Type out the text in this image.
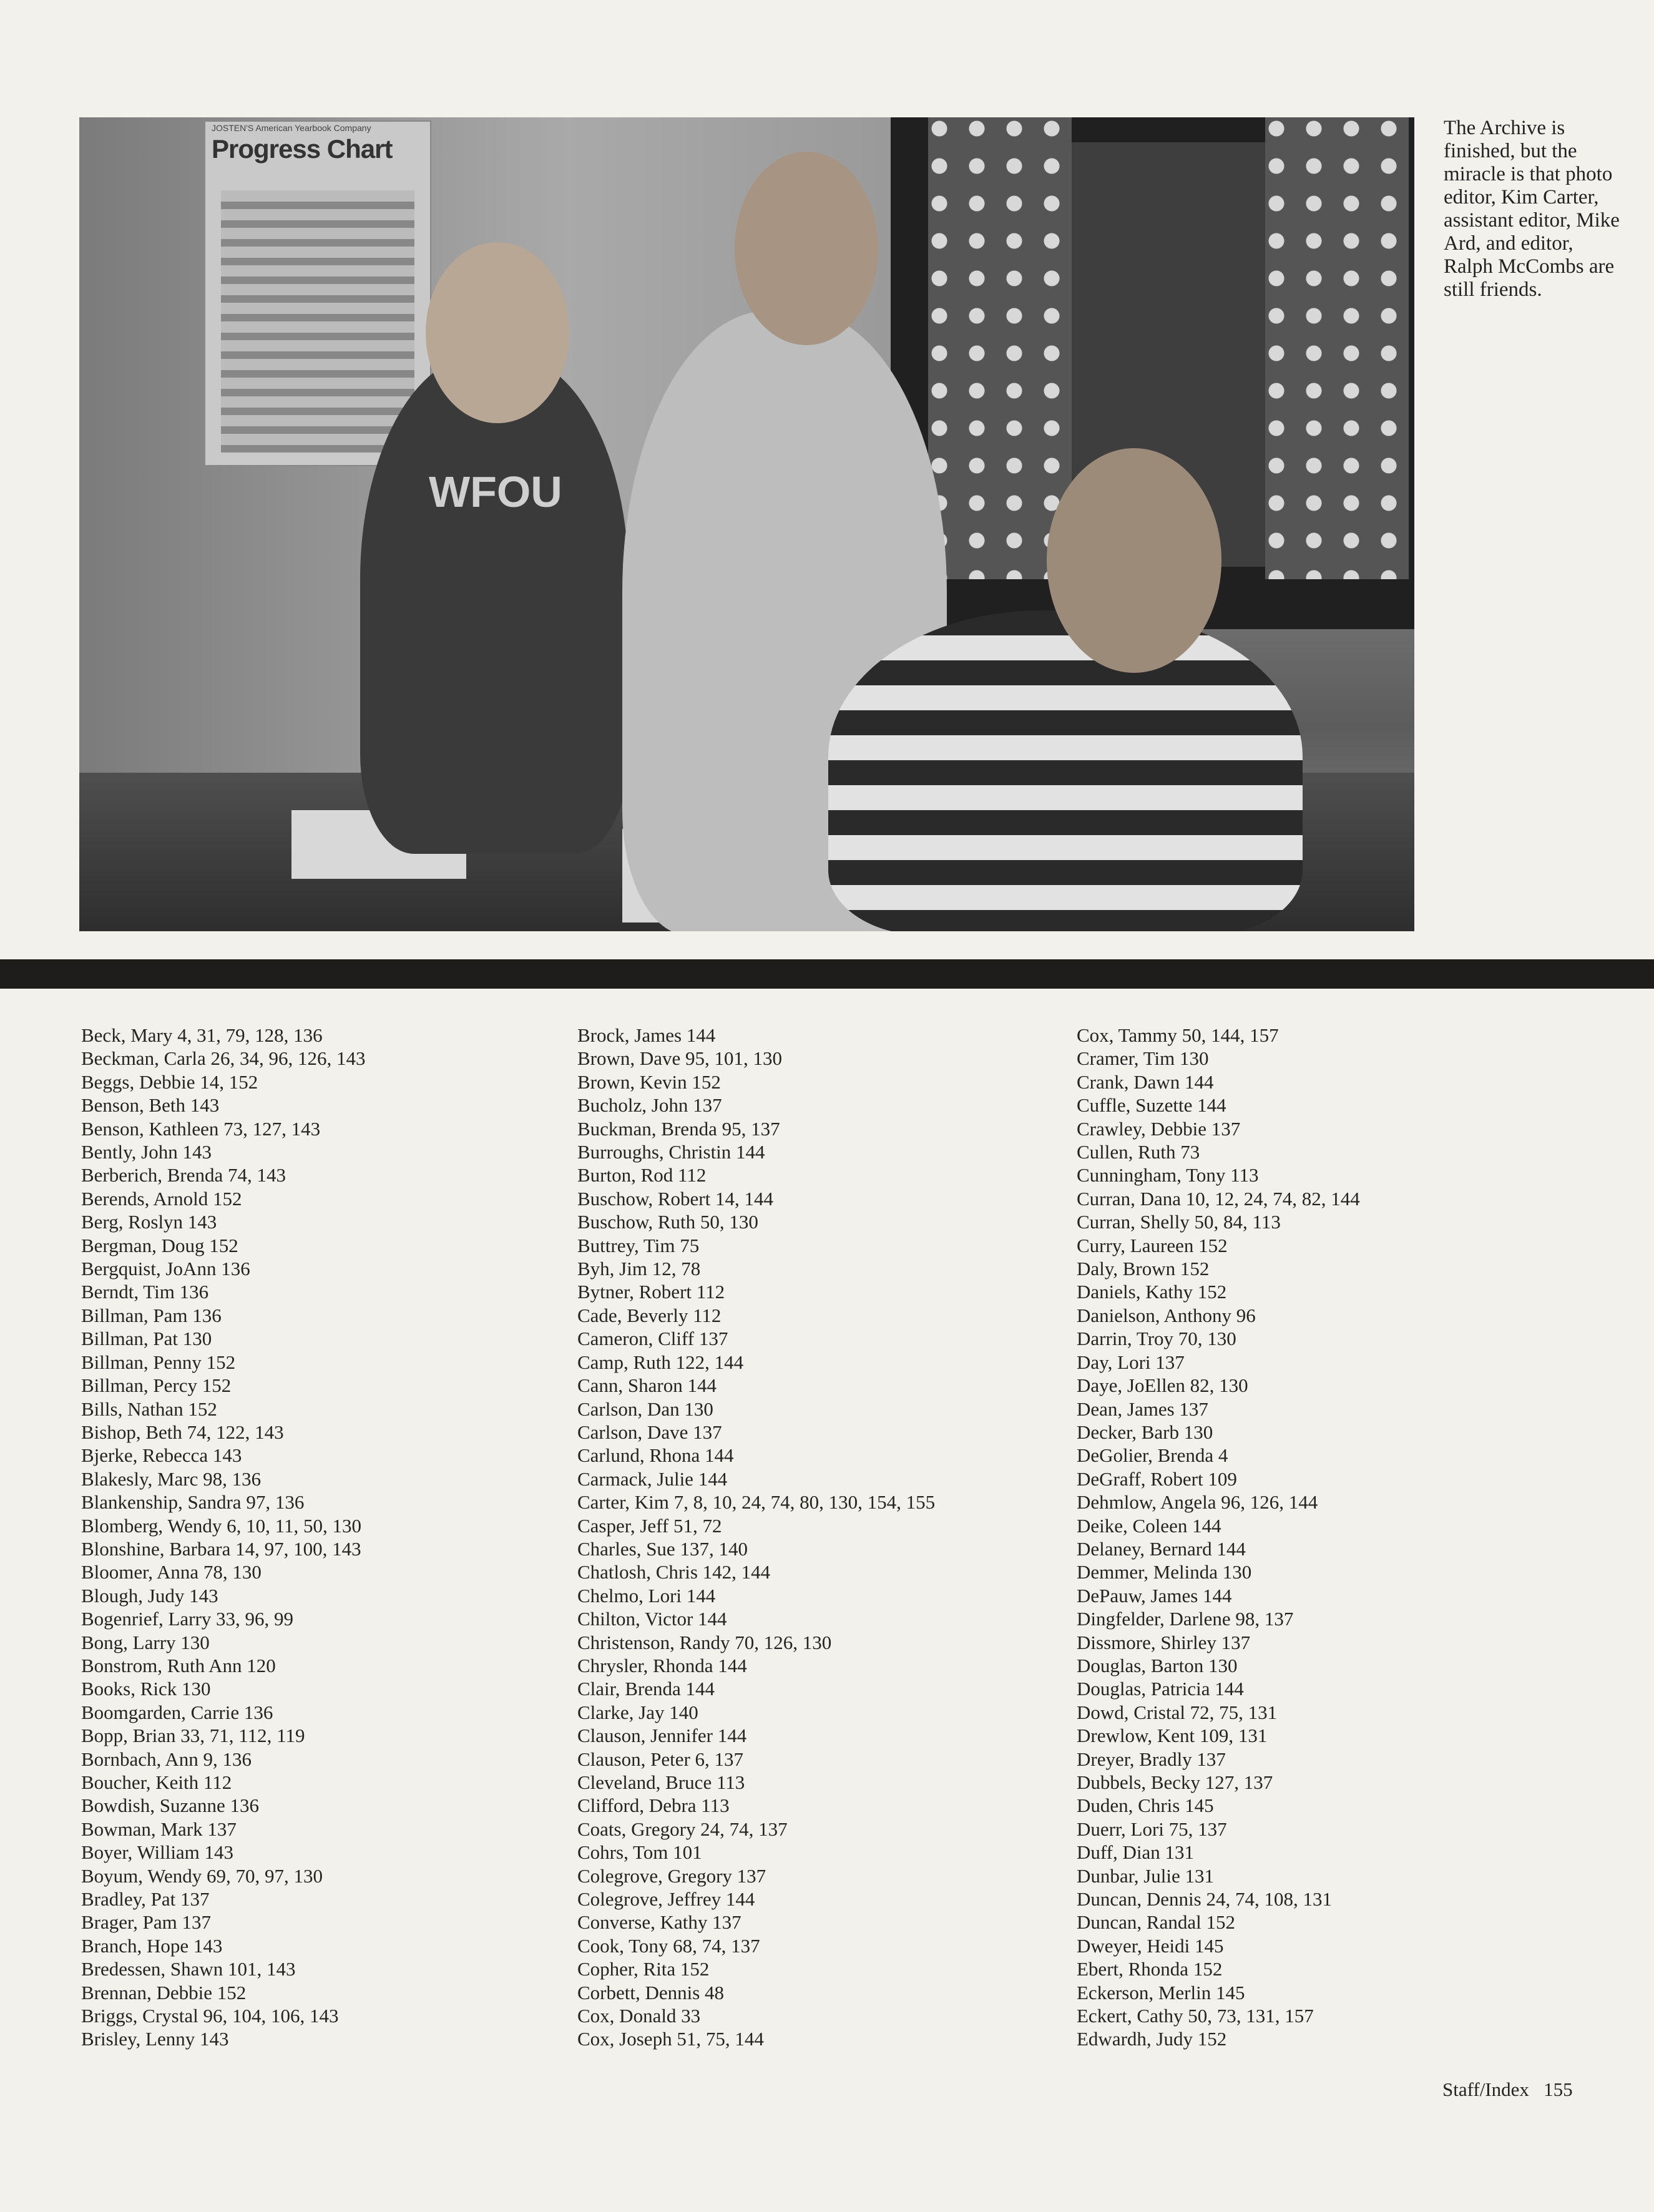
JOSTEN'S American Yearbook Company
Progress Chart
WFOU
The Archive is finished, but the miracle is that photo editor, Kim Carter, assistant editor, Mike Ard, and editor, Ralph McCombs are still friends.
Beck, Mary 4, 31, 79, 128, 136
Beckman, Carla 26, 34, 96, 126, 143
Beggs, Debbie 14, 152
Benson, Beth 143
Benson, Kathleen 73, 127, 143
Bently, John 143
Berberich, Brenda 74, 143
Berends, Arnold 152
Berg, Roslyn 143
Bergman, Doug 152
Bergquist, JoAnn 136
Berndt, Tim 136
Billman, Pam 136
Billman, Pat 130
Billman, Penny 152
Billman, Percy 152
Bills, Nathan 152
Bishop, Beth 74, 122, 143
Bjerke, Rebecca 143
Blakesly, Marc 98, 136
Blankenship, Sandra 97, 136
Blomberg, Wendy 6, 10, 11, 50, 130
Blonshine, Barbara 14, 97, 100, 143
Bloomer, Anna 78, 130
Blough, Judy 143
Bogenrief, Larry 33, 96, 99
Bong, Larry 130
Bonstrom, Ruth Ann 120
Books, Rick 130
Boomgarden, Carrie 136
Bopp, Brian 33, 71, 112, 119
Bornbach, Ann 9, 136
Boucher, Keith 112
Bowdish, Suzanne 136
Bowman, Mark 137
Boyer, William 143
Boyum, Wendy 69, 70, 97, 130
Bradley, Pat 137
Brager, Pam 137
Branch, Hope 143
Bredessen, Shawn 101, 143
Brennan, Debbie 152
Briggs, Crystal 96, 104, 106, 143
Brisley, Lenny 143
Brock, James 144
Brown, Dave 95, 101, 130
Brown, Kevin 152
Bucholz, John 137
Buckman, Brenda 95, 137
Burroughs, Christin 144
Burton, Rod 112
Buschow, Robert 14, 144
Buschow, Ruth 50, 130
Buttrey, Tim 75
Byh, Jim 12, 78
Bytner, Robert 112
Cade, Beverly 112
Cameron, Cliff 137
Camp, Ruth 122, 144
Cann, Sharon 144
Carlson, Dan 130
Carlson, Dave 137
Carlund, Rhona 144
Carmack, Julie 144
Carter, Kim 7, 8, 10, 24, 74, 80, 130, 154, 155
Casper, Jeff 51, 72
Charles, Sue 137, 140
Chatlosh, Chris 142, 144
Chelmo, Lori 144
Chilton, Victor 144
Christenson, Randy 70, 126, 130
Chrysler, Rhonda 144
Clair, Brenda 144
Clarke, Jay 140
Clauson, Jennifer 144
Clauson, Peter 6, 137
Cleveland, Bruce 113
Clifford, Debra 113
Coats, Gregory 24, 74, 137
Cohrs, Tom 101
Colegrove, Gregory 137
Colegrove, Jeffrey 144
Converse, Kathy 137
Cook, Tony 68, 74, 137
Copher, Rita 152
Corbett, Dennis 48
Cox, Donald 33
Cox, Joseph 51, 75, 144
Cox, Tammy 50, 144, 157
Cramer, Tim 130
Crank, Dawn 144
Cuffle, Suzette 144
Crawley, Debbie 137
Cullen, Ruth 73
Cunningham, Tony 113
Curran, Dana 10, 12, 24, 74, 82, 144
Curran, Shelly 50, 84, 113
Curry, Laureen 152
Daly, Brown 152
Daniels, Kathy 152
Danielson, Anthony 96
Darrin, Troy 70, 130
Day, Lori 137
Daye, JoEllen 82, 130
Dean, James 137
Decker, Barb 130
DeGolier, Brenda 4
DeGraff, Robert 109
Dehmlow, Angela 96, 126, 144
Deike, Coleen 144
Delaney, Bernard 144
Demmer, Melinda 130
DePauw, James 144
Dingfelder, Darlene 98, 137
Dissmore, Shirley 137
Douglas, Barton 130
Douglas, Patricia 144
Dowd, Cristal 72, 75, 131
Drewlow, Kent 109, 131
Dreyer, Bradly 137
Dubbels, Becky 127, 137
Duden, Chris 145
Duerr, Lori 75, 137
Duff, Dian 131
Dunbar, Julie 131
Duncan, Dennis 24, 74, 108, 131
Duncan, Randal 152
Dweyer, Heidi 145
Ebert, Rhonda 152
Eckerson, Merlin 145
Eckert, Cathy 50, 73, 131, 157
Edwardh, Judy 152
Staff/Index 155
